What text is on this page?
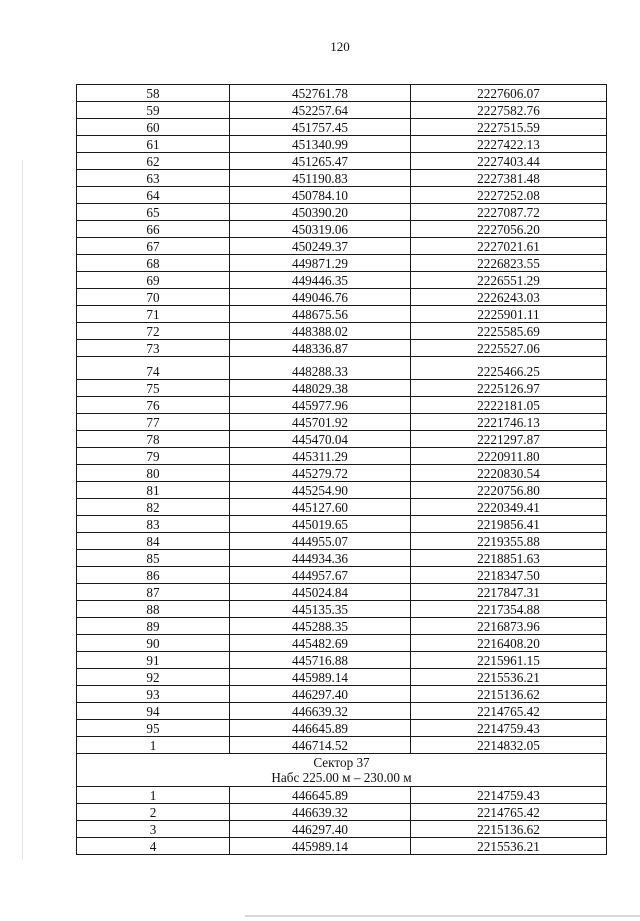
120
58	452761.78	2227606.07
59	452257.64	2227582.76
60	451757.45	2227515.59
61	451340.99	2227422.13
62	451265.47	2227403.44
63	451190.83	2227381.48
64	450784.10	2227252.08
65	450390.20	2227087.72
66	450319.06	2227056.20
67	450249.37	2227021.61
68	449871.29	2226823.55
69	449446.35	2226551.29
70	449046.76	2226243.03
71	448675.56	2225901.11
72	448388.02	2225585.69
73	448336.87	2225527.06
74	448288.33	2225466.25
75	448029.38	2225126.97
76	445977.96	2222181.05
77	445701.92	2221746.13
78	445470.04	2221297.87
79	445311.29	2220911.80
80	445279.72	2220830.54
81	445254.90	2220756.80
82	445127.60	2220349.41
83	445019.65	2219856.41
84	444955.07	2219355.88
85	444934.36	2218851.63
86	444957.67	2218347.50
87	445024.84	2217847.31
88	445135.35	2217354.88
89	445288.35	2216873.96
90	445482.69	2216408.20
91	445716.88	2215961.15
92	445989.14	2215536.21
93	446297.40	2215136.62
94	446639.32	2214765.42
95	446645.89	2214759.43
1	446714.52	2214832.05

Сектор 37
Набс 225.00 м – 230.00 м		

1	446645.89	2214759.43
2	446639.32	2214765.42
3	446297.40	2215136.62
4	445989.14	2215536.21
